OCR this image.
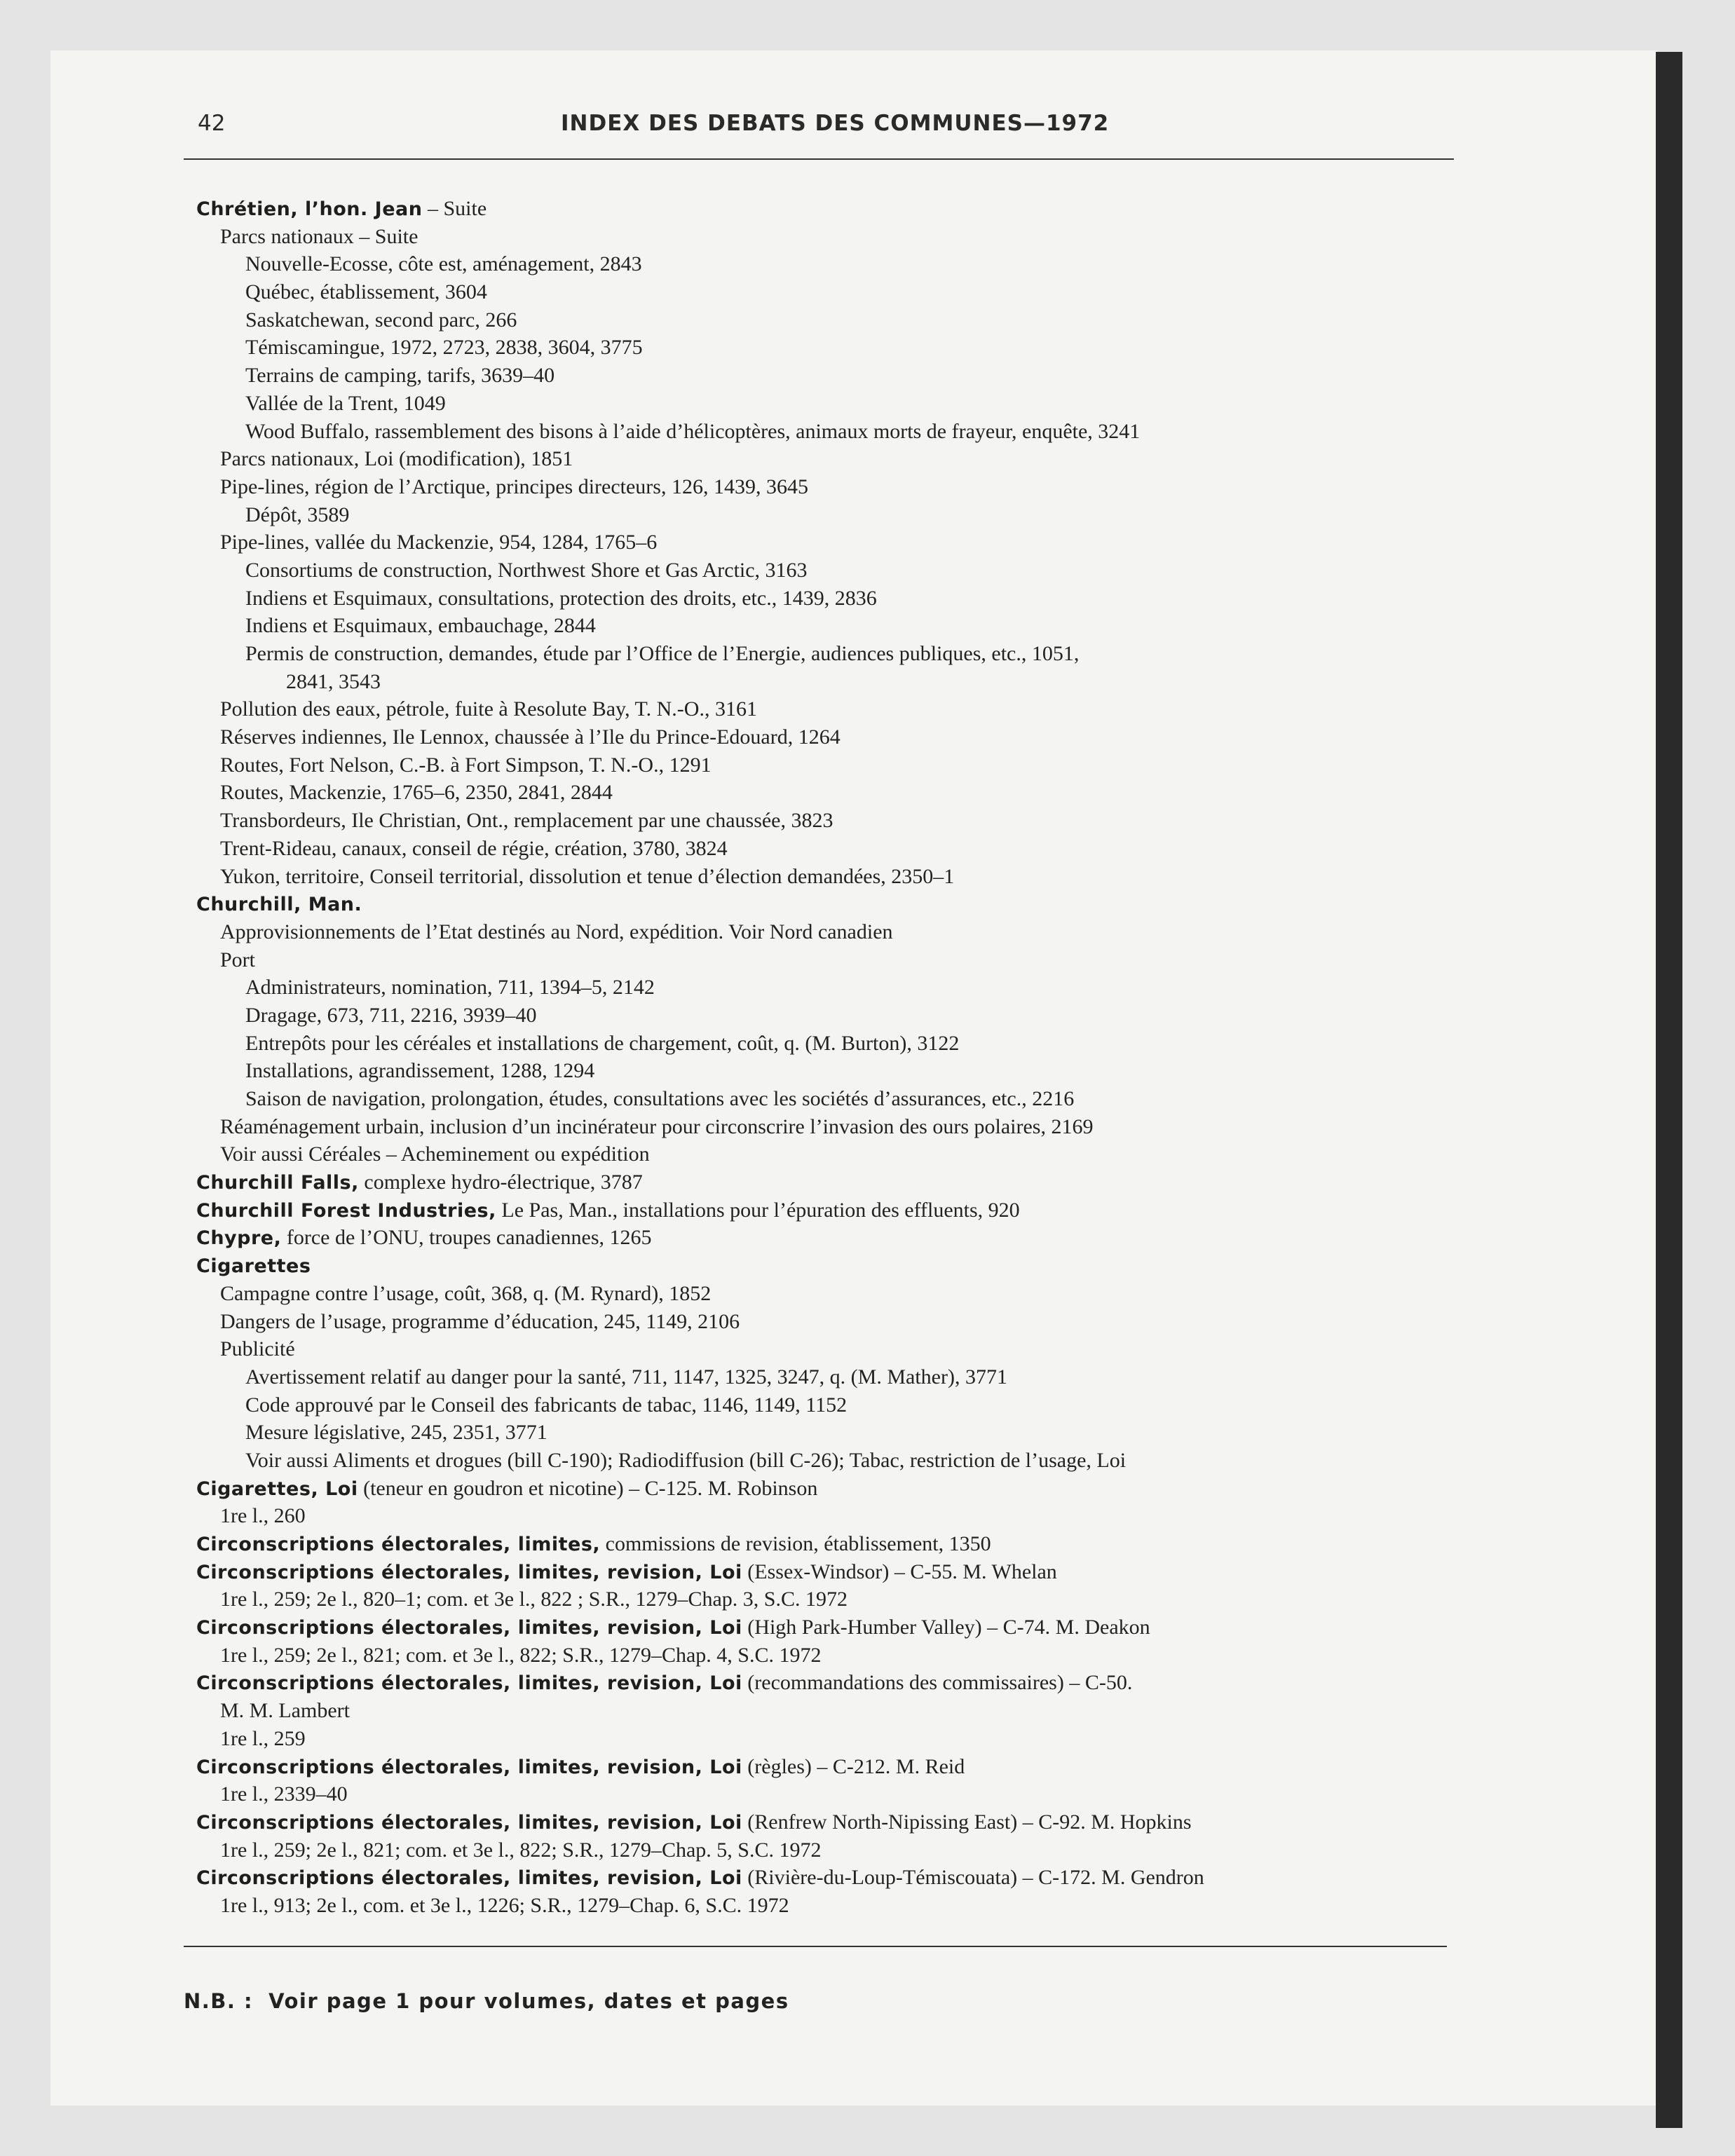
42	INDEX DES DEBATS DES COMMUNES—1972
Chrétien, l’hon. Jean – Suite
Parcs nationaux – Suite
Nouvelle-Ecosse, côte est, aménagement, 2843
Québec, établissement, 3604
Saskatchewan, second parc, 266
Témiscamingue, 1972, 2723, 2838, 3604, 3775
Terrains de camping, tarifs, 3639–40
Vallée de la Trent, 1049
Wood Buffalo, rassemblement des bisons à l’aide d’hélicoptères, animaux morts de frayeur, enquête, 3241
Parcs nationaux, Loi (modification), 1851
Pipe-lines, région de l’Arctique, principes directeurs, 126, 1439, 3645
Dépôt, 3589
Pipe-lines, vallée du Mackenzie, 954, 1284, 1765–6
Consortiums de construction, Northwest Shore et Gas Arctic, 3163
Indiens et Esquimaux, consultations, protection des droits, etc., 1439, 2836
Indiens et Esquimaux, embauchage, 2844
Permis de construction, demandes, étude par l’Office de l’Energie, audiences publiques, etc., 1051,
2841, 3543
Pollution des eaux, pétrole, fuite à Resolute Bay, T. N.-O., 3161
Réserves indiennes, Ile Lennox, chaussée à l’Ile du Prince-Edouard, 1264
Routes, Fort Nelson, C.-B. à Fort Simpson, T. N.-O., 1291
Routes, Mackenzie, 1765–6, 2350, 2841, 2844
Transbordeurs, Ile Christian, Ont., remplacement par une chaussée, 3823
Trent-Rideau, canaux, conseil de régie, création, 3780, 3824
Yukon, territoire, Conseil territorial, dissolution et tenue d’élection demandées, 2350–1
Churchill, Man.
Approvisionnements de l’Etat destinés au Nord, expédition. Voir Nord canadien
Port
Administrateurs, nomination, 711, 1394–5, 2142
Dragage, 673, 711, 2216, 3939–40
Entrepôts pour les céréales et installations de chargement, coût, q. (M. Burton), 3122
Installations, agrandissement, 1288, 1294
Saison de navigation, prolongation, études, consultations avec les sociétés d’assurances, etc., 2216
Réaménagement urbain, inclusion d’un incinérateur pour circonscrire l’invasion des ours polaires, 2169
Voir aussi Céréales – Acheminement ou expédition
Churchill Falls, complexe hydro-électrique, 3787
Churchill Forest Industries, Le Pas, Man., installations pour l’épuration des effluents, 920
Chypre, force de l’ONU, troupes canadiennes, 1265
Cigarettes
Campagne contre l’usage, coût, 368, q. (M. Rynard), 1852
Dangers de l’usage, programme d’éducation, 245, 1149, 2106
Publicité
Avertissement relatif au danger pour la santé, 711, 1147, 1325, 3247, q. (M. Mather), 3771
Code approuvé par le Conseil des fabricants de tabac, 1146, 1149, 1152
Mesure législative, 245, 2351, 3771
Voir aussi Aliments et drogues (bill C-190); Radiodiffusion (bill C-26); Tabac, restriction de l’usage, Loi
Cigarettes, Loi (teneur en goudron et nicotine) – C-125. M. Robinson
1re l., 260
Circonscriptions électorales, limites, commissions de revision, établissement, 1350
Circonscriptions électorales, limites, revision, Loi (Essex-Windsor) – C-55. M. Whelan
1re l., 259; 2e l., 820–1; com. et 3e l., 822 ; S.R., 1279–Chap. 3, S.C. 1972
Circonscriptions électorales, limites, revision, Loi (High Park-Humber Valley) – C-74. M. Deakon
1re l., 259; 2e l., 821; com. et 3e l., 822; S.R., 1279–Chap. 4, S.C. 1972
Circonscriptions électorales, limites, revision, Loi (recommandations des commissaires) – C-50.
M. M. Lambert
1re l., 259
Circonscriptions électorales, limites, revision, Loi (règles) – C-212. M. Reid
1re l., 2339–40
Circonscriptions électorales, limites, revision, Loi (Renfrew North-Nipissing East) – C-92. M. Hopkins
1re l., 259; 2e l., 821; com. et 3e l., 822; S.R., 1279–Chap. 5, S.C. 1972
Circonscriptions électorales, limites, revision, Loi (Rivière-du-Loup-Témiscouata) – C-172. M. Gendron
1re l., 913; 2e l., com. et 3e l., 1226; S.R., 1279–Chap. 6, S.C. 1972
N.B. : Voir page 1 pour volumes, dates et pages
